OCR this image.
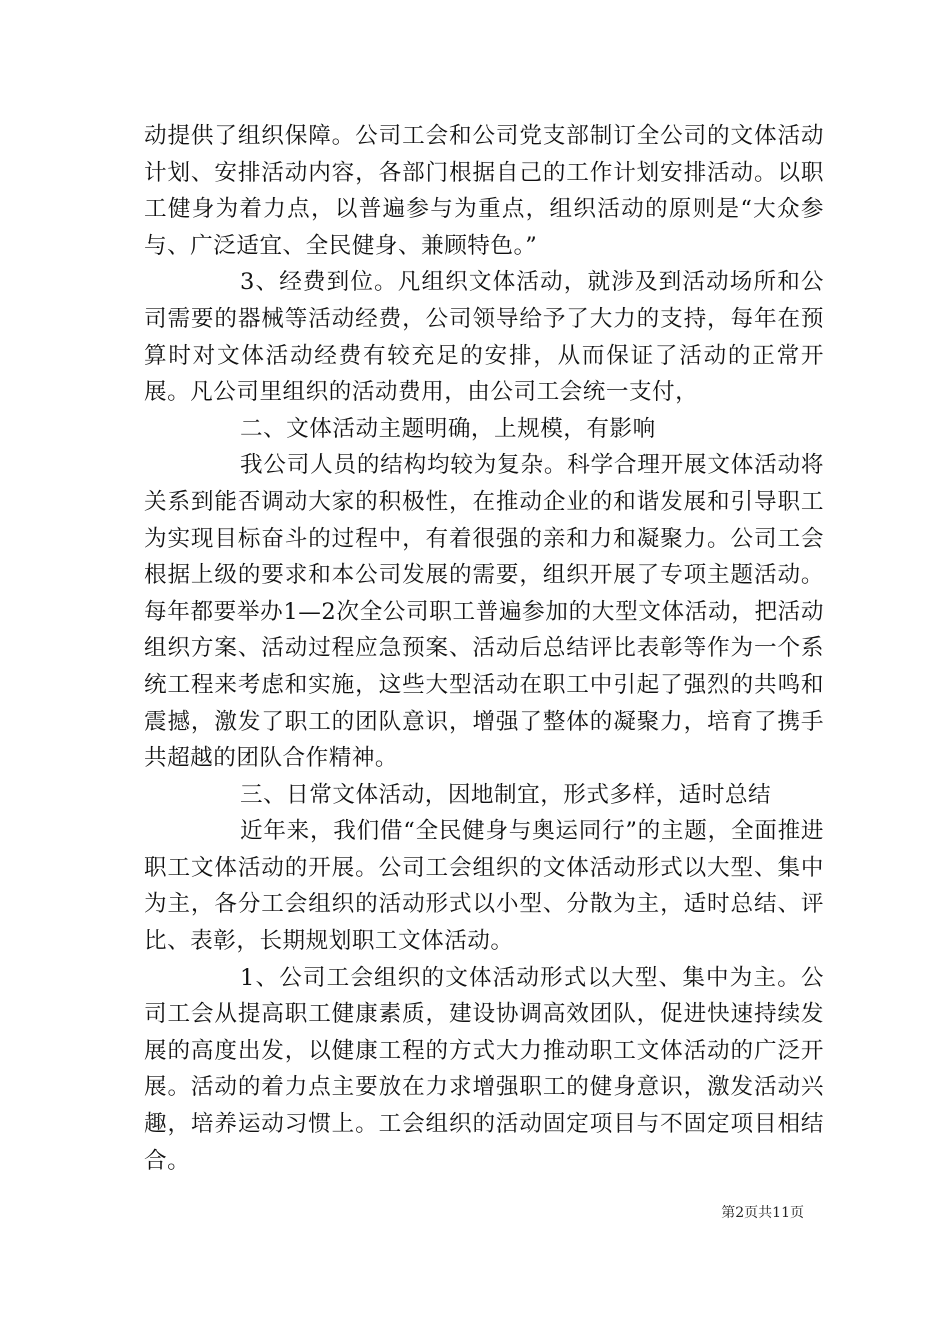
动提供了组织保障。公司工会和公司党支部制订全公司的文体活动计划、安排活动内容，各部门根据自己的工作计划安排活动。以职工健身为着力点，以普遍参与为重点，组织活动的原则是“大众参与、广泛适宜、全民健身、兼顾特色。”

3、经费到位。凡组织文体活动，就涉及到活动场所和公司需要的器械等活动经费，公司领导给予了大力的支持，每年在预算时对文体活动经费有较充足的安排，从而保证了活动的正常开展。凡公司里组织的活动费用，由公司工会统一支付，

二、文体活动主题明确，上规模，有影响

我公司人员的结构均较为复杂。科学合理开展文体活动将关系到能否调动大家的积极性，在推动企业的和谐发展和引导职工为实现目标奋斗的过程中，有着很强的亲和力和凝聚力。公司工会根据上级的要求和本公司发展的需要，组织开展了专项主题活动。每年都要举办1—2次全公司职工普遍参加的大型文体活动，把活动组织方案、活动过程应急预案、活动后总结评比表彰等作为一个系统工程来考虑和实施，这些大型活动在职工中引起了强烈的共鸣和震撼，激发了职工的团队意识，增强了整体的凝聚力，培育了携手共超越的团队合作精神。

三、日常文体活动，因地制宜，形式多样，适时总结

近年来，我们借“全民健身与奥运同行”的主题，全面推进职工文体活动的开展。公司工会组织的文体活动形式以大型、集中为主，各分工会组织的活动形式以小型、分散为主，适时总结、评比、表彰，长期规划职工文体活动。

1、公司工会组织的文体活动形式以大型、集中为主。公司工会从提高职工健康素质，建设协调高效团队，促进快速持续发展的高度出发，以健康工程的方式大力推动职工文体活动的广泛开展。活动的着力点主要放在力求增强职工的健身意识，激发活动兴趣，培养运动习惯上。工会组织的活动固定项目与不固定项目相结合。

第2页共11页
